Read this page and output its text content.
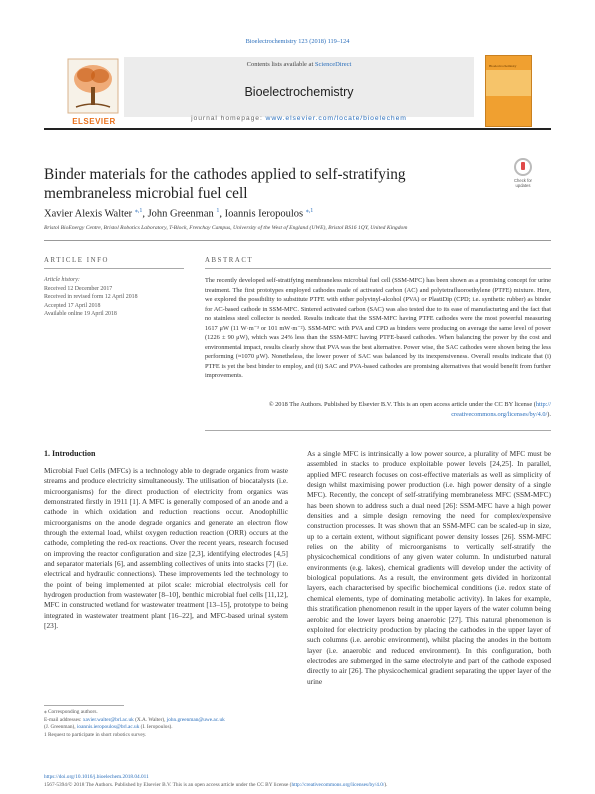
Bioelectrochemistry 123 (2018) 119–124
ELSEVIER
Contents lists available at ScienceDirect
Bioelectrochemistry
journal homepage: www.elsevier.com/locate/bioelechem
Bioelectrochemistry
Binder materials for the cathodes applied to self-stratifying
membraneless microbial fuel cell
Check for updates
Xavier Alexis Walter $^{⁎,1}$, John Greenman $^1$, Ioannis Ieropoulos $^{⁎,1}$
Bristol BioEnergy Centre, Bristol Robotics Laboratory, T-Block, Frenchay Campus, University of the West of England (UWE), Bristol BS16 1QY, United Kingdom
ARTICLE INFO	ABSTRACT
Article history:
Received 12 December 2017
Received in revised form 12 April 2018
Accepted 17 April 2018
Available online 19 April 2018
The recently developed self-stratifying membraneless microbial fuel cell (SSM-MFC) has been shown as a promising concept for urine treatment. The first prototypes employed cathodes made of activated carbon (AC) and polytetrafluoroethylene (PTFE) mixture. Here, we explored the possibility to substitute PTFE with either polyvinyl-alcohol (PVA) or PlastiDip (CPD; i.e. synthetic rubber) as binder for AC-based cathode in SSM-MFC. Sintered activated carbon (SAC) was also tested due to its ease of manufacturing and the fact that no stainless steel collector is needed. Results indicate that the SSM-MFC having PTFE cathodes were the most powerful measuring 1617 μW (11 W·m⁻³ or 101 mW·m⁻²). SSM-MFC with PVA and CPD as binders were producing on average the same level of power (1226 ± 90 μW), which was 24% less than the SSM-MFC having PTFE-based cathodes. When balancing the power by the cost and environmental impact, results clearly show that PVA was the best alternative. Power wise, the SAC cathodes were shown being the less performing (≈1070 μW). Nonetheless, the lower power of SAC was balanced by its inexpensiveness. Overall results indicate that (i) PTFE is yet the best binder to employ, and (ii) SAC and PVA-based cathodes are promising alternatives that would benefit from further improvements.
© 2018 The Authors. Published by Elsevier B.V. This is an open access article under the CC BY license (http://
creativecommons.org/licenses/by/4.0/).
1. Introduction
Microbial Fuel Cells (MFCs) is a technology able to degrade organics from waste streams and produce electricity simultaneously. The utilisation of biocatalysts (i.e. microorganisms) for the direct production of electricity from organics was demonstrated firstly in 1911 [1]. A MFC is generally composed of an anode and a cathode in which oxidation and reduction reactions occur. Anodophillic microorganisms on the anode degrade organics and generate an electron flow through the external load, whilst oxygen reduction reaction (ORR) occurs at the cathode, completing the red-ox reactions. Over the recent years, research focused on improving the reactor configuration and size [2,3], identifying electrodes [4,5] and separator materials [6], and assembling collectives of units into stacks [7] (i.e. electrical and hydraulic connections). These improvements led the technology to the point of being implemented at pilot scale: microbial electrolysis cell for hydrogen production from wastewater [8–10], benthic microbial fuel cells [11,12], MFC in constructed wetland for wastewater treatment [13–15], prototype to being integrated in wastewater treatment plant [16–22], and MFC-based urinal system [23].
As a single MFC is intrinsically a low power source, a plurality of MFC must be assembled in stacks to produce exploitable power levels [24,25]. In parallel, applied MFC research focuses on cost-effective materials as well as simplicity of design whilst maximising power production (i.e. high power density of a single MFC). Recently, the concept of self-stratifying membraneless MFC (SSM-MFC) has been shown to address such a dual need [26]: SSM-MFC have a high power densities and a simple design removing the need for complex/expensive construction processes. It was shown that an SSM-MFC can be scaled-up in size, up to a certain extent, without significant power density losses [26]. SSM-MFC relies on the ability of microorganisms to vertically self-stratify the physicochemical conditions of any given water column. In undisturbed natural environments (e.g. lakes), chemical gradients will develop under the activity of biological populations. As a result, the environment gets divided in horizontal layers, each characterised by specific biochemical conditions (i.e. redox state of chemical elements, type of dominating metabolic activity). In lakes for example, this stratification phenomenon result in the upper layers of the water column being aerobic and the lower layers being anaerobic [27]. This natural phenomenon is exploited for electricity production by placing the cathodes in the upper layer of such columns (i.e. aerobic environment), whilst placing the anodes in the bottom layer (i.e. anaerobic and reduced environment). In this configuration, both electrodes are submerged in the same electrolyte and part of the cathode exposed directly to air [26]. The physicochemical gradient separating the upper layer of the urine
⁎ Corresponding authors.
E-mail addresses: xavier.walter@brl.ac.uk (X.A. Walter), john.greenman@uwe.ac.uk
(J. Greenman), ioannis.ieropoulos@brl.ac.uk (I. Ieropoulos).
1 Request to participate in short robotics survey.
https://doi.org/10.1016/j.bioelechem.2018.04.011
1567-5394/© 2018 The Authors. Published by Elsevier B.V. This is an open access article under the CC BY license (http://creativecommons.org/licenses/by/4.0/).
